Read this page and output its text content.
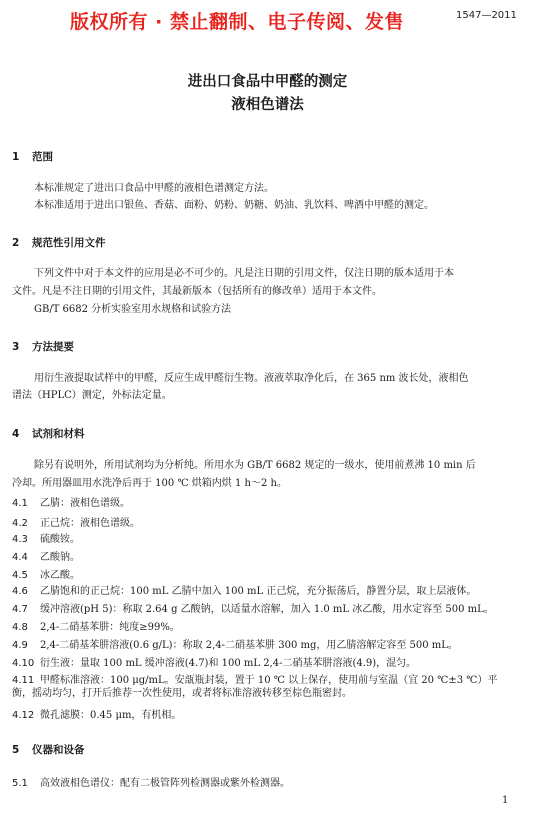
版权所有 · 禁止翻制、电子传阅、发售	1547—2011
进出口食品中甲醛的测定
液相色谱法
1 范围
本标准规定了进出口食品中甲醛的液相色谱测定方法。
本标准适用于进出口银鱼、香菇、面粉、奶粉、奶糖、奶油、乳饮料、啤酒中甲醛的测定。
2 规范性引用文件
下列文件中对于本文件的应用是必不可少的。凡是注日期的引用文件，仅注日期的版本适用于本
文件。凡是不注日期的引用文件，其最新版本（包括所有的修改单）适用于本文件。
GB/T 6682 分析实验室用水规格和试验方法
3 方法提要
用衍生液提取试样中的甲醛，反应生成甲醛衍生物。液液萃取净化后，在 365 nm 波长处，液相色
谱法（HPLC）测定，外标法定量。
4 试剂和材料
除另有说明外，所用试剂均为分析纯。所用水为 GB/T 6682 规定的一级水，使用前煮沸 10 min 后
冷却。所用器皿用水洗净后再于 100 ℃ 烘箱内烘 1 h～2 h。
4.1 乙腈：液相色谱级。
4.2 正己烷：液相色谱级。
4.3 硫酸铵。
4.4 乙酸钠。
4.5 冰乙酸。
4.6 乙腈饱和的正己烷：100 mL 乙腈中加入 100 mL 正己烷，充分振荡后，静置分层，取上层液体。
4.7 缓冲溶液(pH 5)：称取 2.64 g 乙酸钠，以适量水溶解，加入 1.0 mL 冰乙酸，用水定容至 500 mL。
4.8 2,4-二硝基苯肼：纯度≥99%。
4.9 2,4-二硝基苯肼溶液(0.6 g/L)：称取 2,4-二硝基苯肼 300 mg，用乙腈溶解定容至 500 mL。
4.10 衍生液：量取 100 mL 缓冲溶液(4.7)和 100 mL 2,4-二硝基苯肼溶液(4.9)，混匀。
4.11 甲醛标准溶液：100 μg/mL。安瓿瓶封装，置于 10 ℃ 以上保存，使用前与室温（宜 20 ℃±3 ℃）平
衡，摇动均匀，打开后推荐一次性使用，或者将标准溶液转移至棕色瓶密封。
4.12 微孔滤膜：0.45 μm，有机相。
5 仪器和设备
5.1 高效液相色谱仪：配有二极管阵列检测器或紫外检测器。
1
